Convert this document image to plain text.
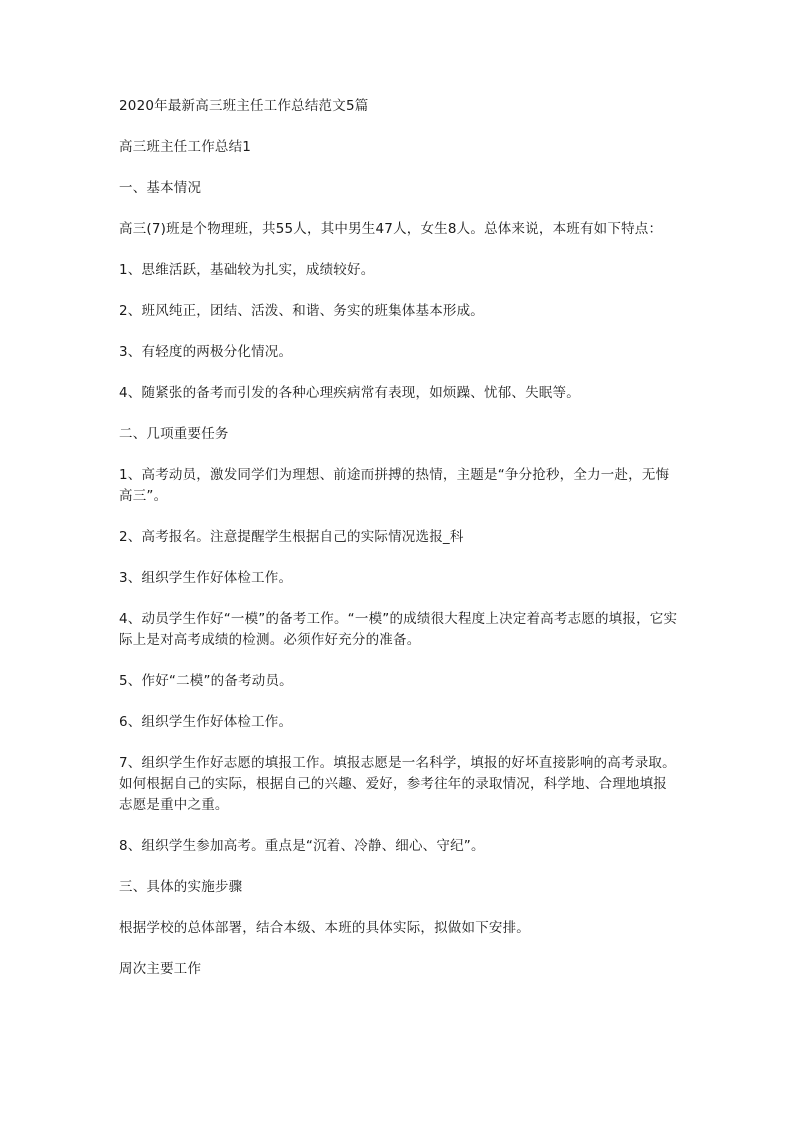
2020年最新高三班主任工作总结范文5篇

高三班主任工作总结1

一、基本情况

高三(7)班是个物理班，共55人，其中男生47人，女生8人。总体来说，本班有如下特点：

1、思维活跃，基础较为扎实，成绩较好。

2、班风纯正，团结、活泼、和谐、务实的班集体基本形成。

3、有轻度的两极分化情况。

4、随紧张的备考而引发的各种心理疾病常有表现，如烦躁、忧郁、失眠等。

二、几项重要任务

1、高考动员，激发同学们为理想、前途而拼搏的热情，主题是“争分抢秒，全力一赴，无悔高三”。

2、高考报名。注意提醒学生根据自己的实际情况选报_科

3、组织学生作好体检工作。

4、动员学生作好“一模”的备考工作。“一模”的成绩很大程度上决定着高考志愿的填报，它实际上是对高考成绩的检测。必须作好充分的准备。

5、作好“二模”的备考动员。

6、组织学生作好体检工作。

7、组织学生作好志愿的填报工作。填报志愿是一名科学，填报的好坏直接影响的高考录取。如何根据自己的实际，根据自己的兴趣、爱好，参考往年的录取情况，科学地、合理地填报志愿是重中之重。

8、组织学生参加高考。重点是“沉着、冷静、细心、守纪”。

三、具体的实施步骤

根据学校的总体部署，结合本级、本班的具体实际，拟做如下安排。

周次主要工作
